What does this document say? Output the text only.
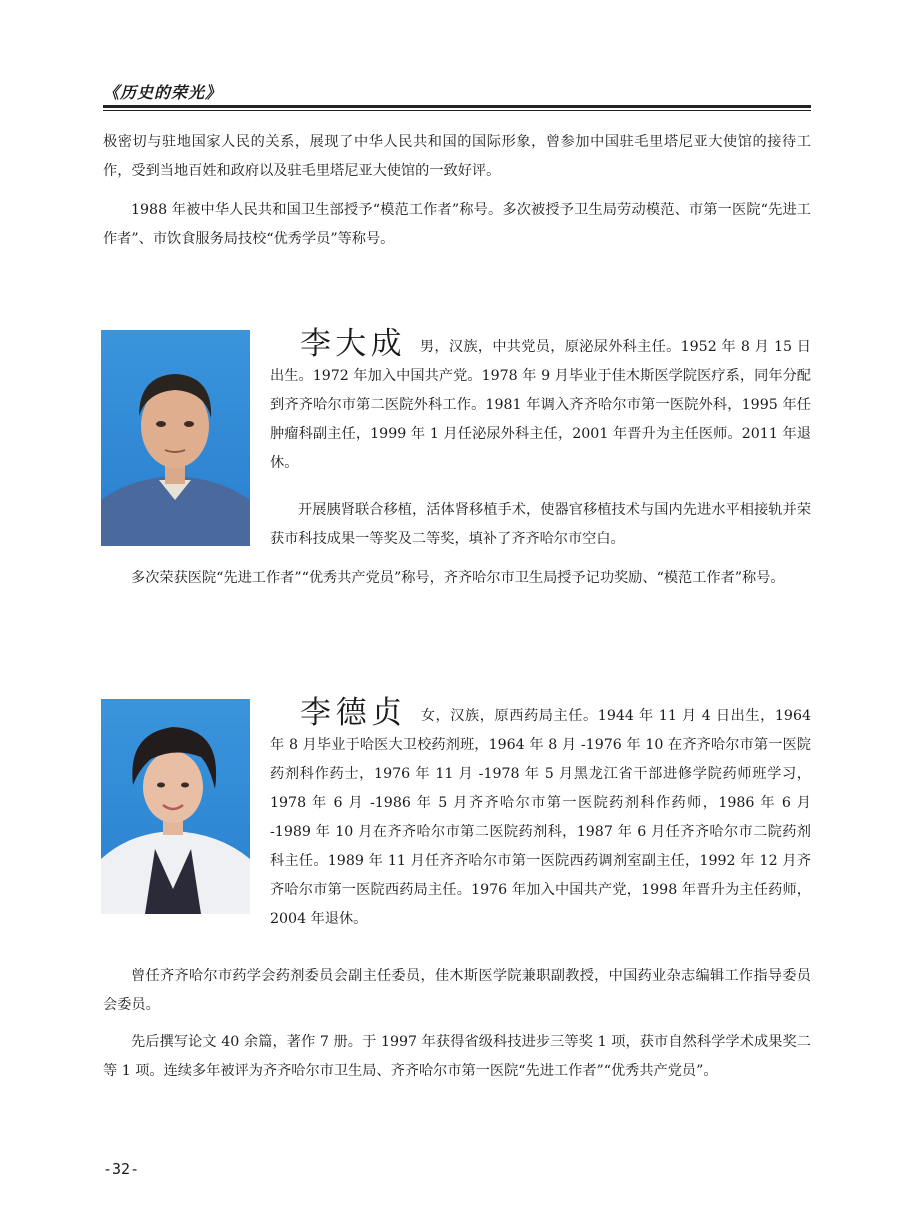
《历史的荣光》

极密切与驻地国家人民的关系，展现了中华人民共和国的国际形象，曾参加中国驻毛里塔尼亚大使馆的接待工作，受到当地百姓和政府以及驻毛里塔尼亚大使馆的一致好评。

1988 年被中华人民共和国卫生部授予“模范工作者”称号。多次被授予卫生局劳动模范、市第一医院“先进工作者”、市饮食服务局技校“优秀学员”等称号。

李大成 男，汉族，中共党员，原泌尿外科主任。1952 年 8 月 15 日出生。1972 年加入中国共产党。1978 年 9 月毕业于佳木斯医学院医疗系，同年分配到齐齐哈尔市第二医院外科工作。1981 年调入齐齐哈尔市第一医院外科，1995 年任肿瘤科副主任，1999 年 1 月任泌尿外科主任，2001 年晋升为主任医师。2011 年退休。

开展胰肾联合移植，活体肾移植手术，使器官移植技术与国内先进水平相接轨并荣获市科技成果一等奖及二等奖，填补了齐齐哈尔市空白。

多次荣获医院“先进工作者”“优秀共产党员”称号，齐齐哈尔市卫生局授予记功奖励、“模范工作者”称号。

李德贞 女，汉族，原西药局主任。1944 年 11 月 4 日出生，1964 年 8 月毕业于哈医大卫校药剂班，1964 年 8 月 -1976 年 10 在齐齐哈尔市第一医院药剂科作药士，1976 年 11 月 -1978 年 5 月黑龙江省干部进修学院药师班学习，1978 年 6 月 -1986 年 5 月齐齐哈尔市第一医院药剂科作药师，1986 年 6 月 -1989 年 10 月在齐齐哈尔市第二医院药剂科，1987 年 6 月任齐齐哈尔市二院药剂科主任。1989 年 11 月任齐齐哈尔市第一医院西药调剂室副主任，1992 年 12 月齐齐哈尔市第一医院西药局主任。1976 年加入中国共产党，1998 年晋升为主任药师，2004 年退休。

曾任齐齐哈尔市药学会药剂委员会副主任委员，佳木斯医学院兼职副教授，中国药业杂志编辑工作指导委员会委员。

先后撰写论文 40 余篇，著作 7 册。于 1997 年获得省级科技进步三等奖 1 项，获市自然科学学术成果奖二等 1 项。连续多年被评为齐齐哈尔市卫生局、齐齐哈尔市第一医院“先进工作者”“优秀共产党员”。

-32-
